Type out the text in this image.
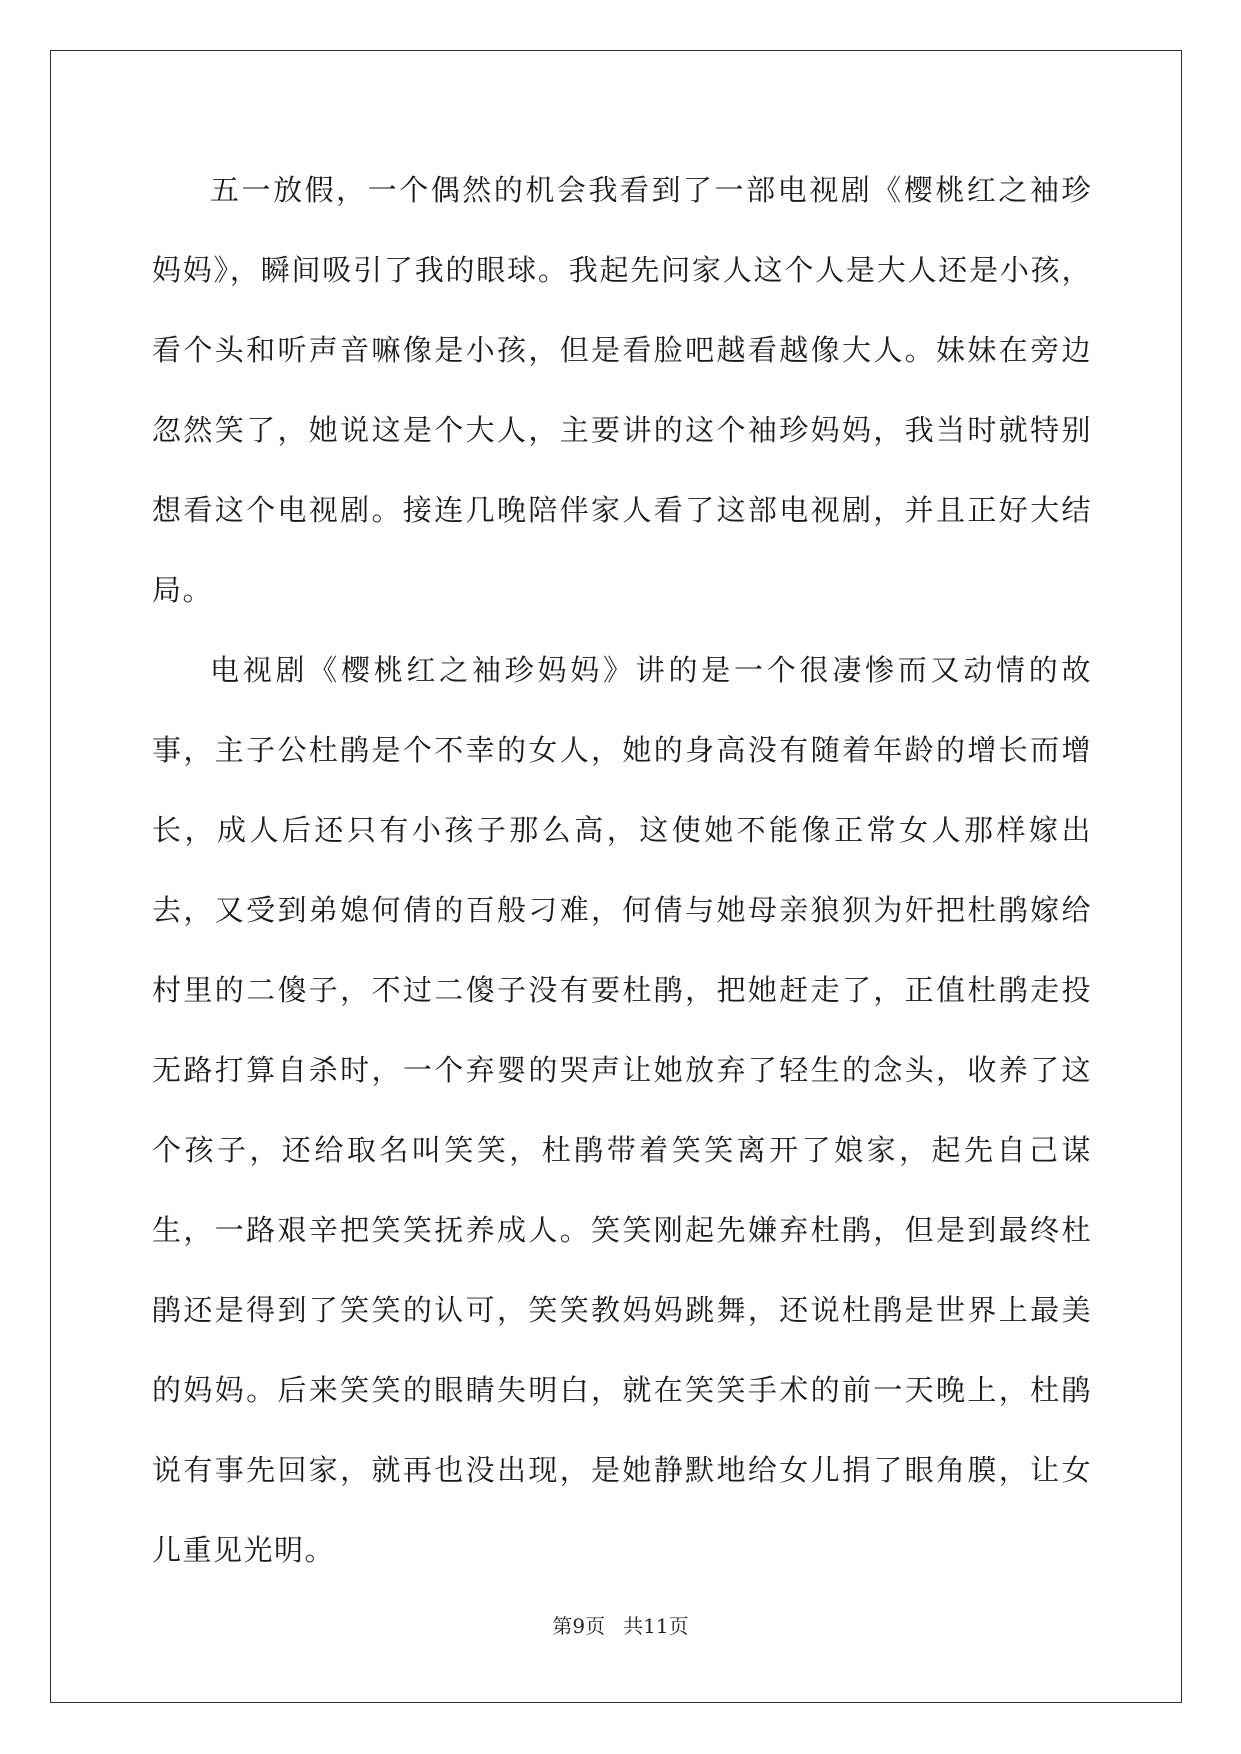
五一放假，一个偶然的机会我看到了一部电视剧《樱桃红之袖珍妈妈》，瞬间吸引了我的眼球。我起先问家人这个人是大人还是小孩，看个头和听声音嘛像是小孩，但是看脸吧越看越像大人。妹妹在旁边忽然笑了，她说这是个大人，主要讲的这个袖珍妈妈，我当时就特别想看这个电视剧。接连几晚陪伴家人看了这部电视剧，并且正好大结局。

电视剧《樱桃红之袖珍妈妈》讲的是一个很凄惨而又动情的故事，主子公杜鹃是个不幸的女人，她的身高没有随着年龄的增长而增长，成人后还只有小孩子那么高，这使她不能像正常女人那样嫁出去，又受到弟媳何倩的百般刁难，何倩与她母亲狼狈为奸把杜鹃嫁给村里的二傻子，不过二傻子没有要杜鹃，把她赶走了，正值杜鹃走投无路打算自杀时，一个弃婴的哭声让她放弃了轻生的念头，收养了这个孩子，还给取名叫笑笑，杜鹃带着笑笑离开了娘家，起先自己谋生，一路艰辛把笑笑抚养成人。笑笑刚起先嫌弃杜鹃，但是到最终杜鹃还是得到了笑笑的认可，笑笑教妈妈跳舞，还说杜鹃是世界上最美的妈妈。后来笑笑的眼睛失明白，就在笑笑手术的前一天晚上，杜鹃说有事先回家，就再也没出现，是她静默地给女儿捐了眼角膜，让女儿重见光明。

第9页 共11页
